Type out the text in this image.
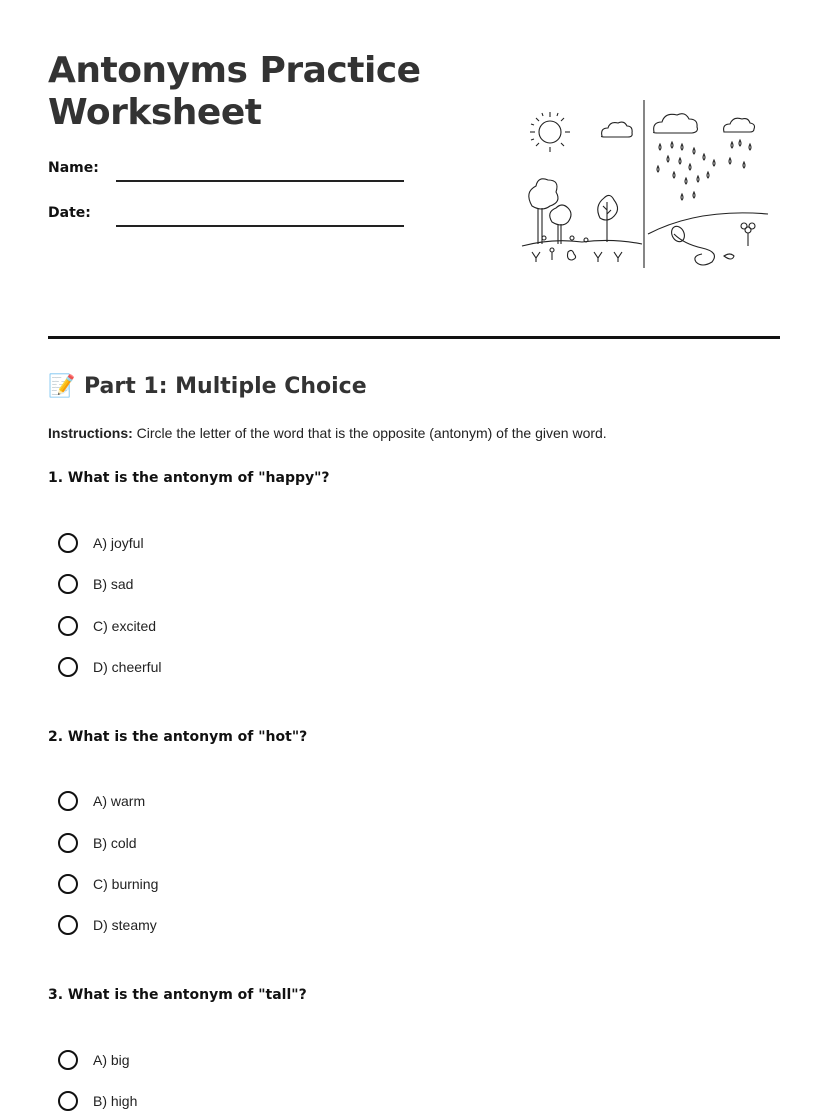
Antonyms Practice Worksheet
Name:
Date:
📝 Part 1: Multiple Choice
Instructions: Circle the letter of the word that is the opposite (antonym) of the given word.
1. What is the antonym of "happy"?
A) joyful
B) sad
C) excited
D) cheerful
2. What is the antonym of "hot"?
A) warm
B) cold
C) burning
D) steamy
3. What is the antonym of "tall"?
A) big
B) high
